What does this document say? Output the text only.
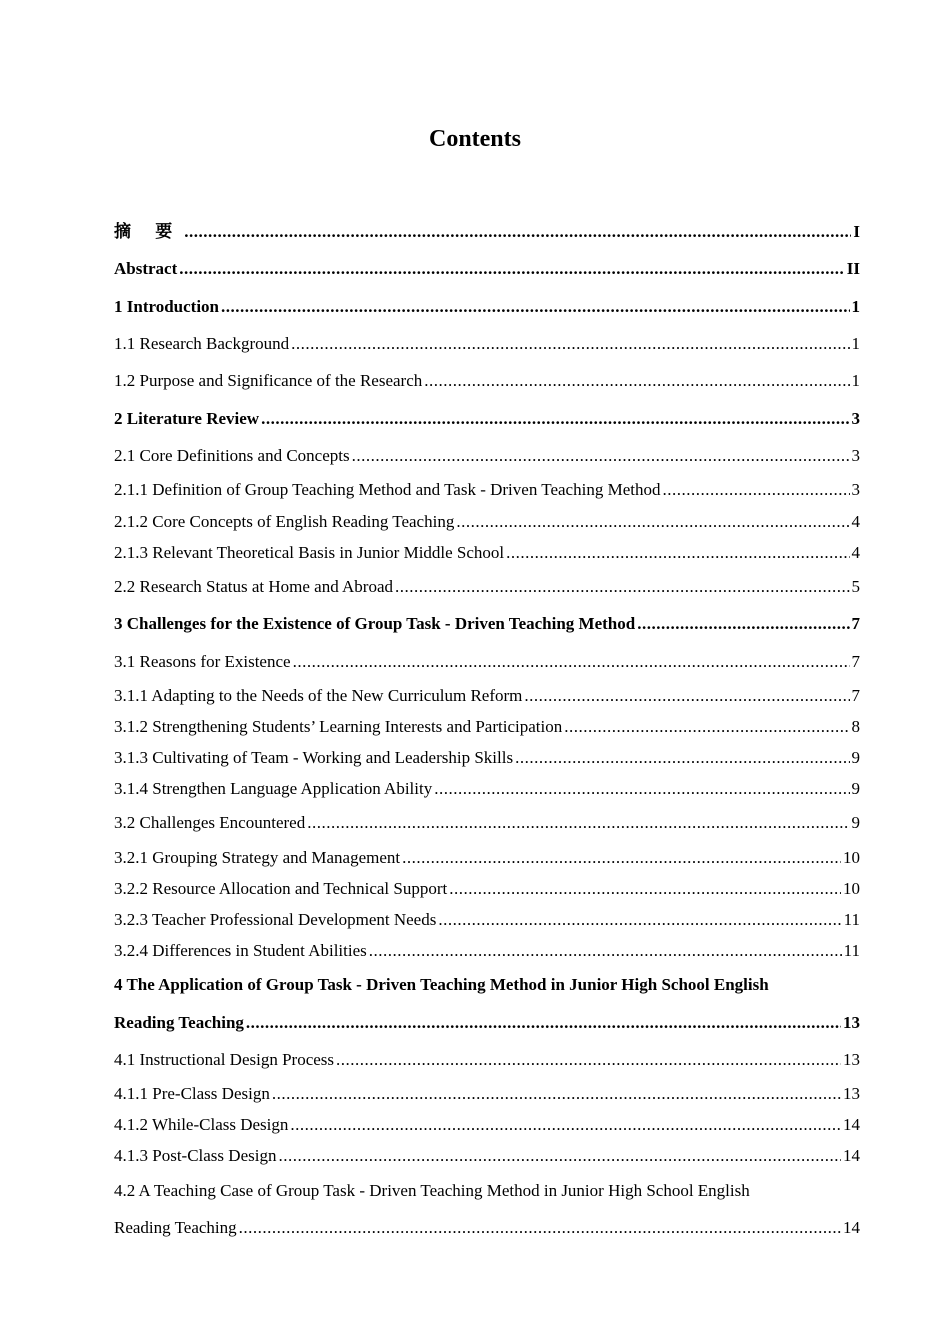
Contents
摘 要 .....	I
Abstract .....	II
1 Introduction .....	1
1.1 Research Background .....	1
1.2 Purpose and Significance of the Research .....	1
2 Literature Review .....	3
2.1 Core Definitions and Concepts .....	3
2.1.1 Definition of Group Teaching Method and Task - Driven Teaching Method .....	3
2.1.2 Core Concepts of English Reading Teaching .....	4
2.1.3 Relevant Theoretical Basis in Junior Middle School .....	4
2.2 Research Status at Home and Abroad .....	5
3 Challenges for the Existence of Group Task - Driven Teaching Method .....	7
3.1 Reasons for Existence .....	7
3.1.1 Adapting to the Needs of the New Curriculum Reform .....	7
3.1.2 Strengthening Students’ Learning Interests and Participation .....	8
3.1.3 Cultivating of Team - Working and Leadership Skills .....	9
3.1.4 Strengthen Language Application Ability .....	9
3.2 Challenges Encountered .....	9
3.2.1 Grouping Strategy and Management .....	10
3.2.2 Resource Allocation and Technical Support .....	10
3.2.3 Teacher Professional Development Needs .....	11
3.2.4 Differences in Student Abilities .....	11
4 The Application of Group Task - Driven Teaching Method in Junior High School English
Reading Teaching .....	13
4.1 Instructional Design Process .....	13
4.1.1 Pre-Class Design .....	13
4.1.2 While-Class Design .....	14
4.1.3 Post-Class Design .....	14
4.2 A Teaching Case of Group Task - Driven Teaching Method in Junior High School English
Reading Teaching .....	14
